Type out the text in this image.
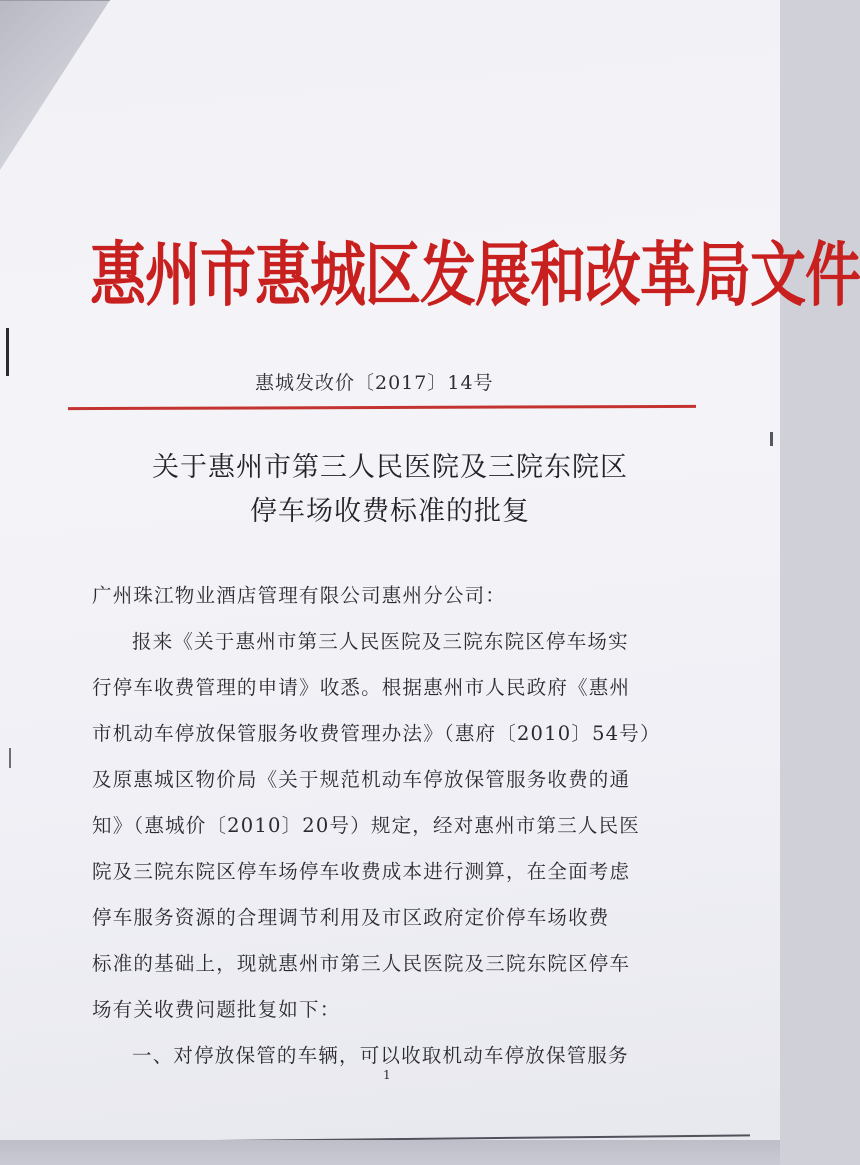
惠州市惠城区发展和改革局文件
惠城发改价〔2017〕14号
关于惠州市第三人民医院及三院东院区
停车场收费标准的批复
广州珠江物业酒店管理有限公司惠州分公司：
报来《关于惠州市第三人民医院及三院东院区停车场实
行停车收费管理的申请》收悉。根据惠州市人民政府《惠州
市机动车停放保管服务收费管理办法》（惠府〔2010〕54号）
及原惠城区物价局《关于规范机动车停放保管服务收费的通
知》（惠城价〔2010〕20号）规定，经对惠州市第三人民医
院及三院东院区停车场停车收费成本进行测算，在全面考虑
停车服务资源的合理调节利用及市区政府定价停车场收费
标准的基础上，现就惠州市第三人民医院及三院东院区停车
场有关收费问题批复如下：
一、对停放保管的车辆，可以收取机动车停放保管服务
1
